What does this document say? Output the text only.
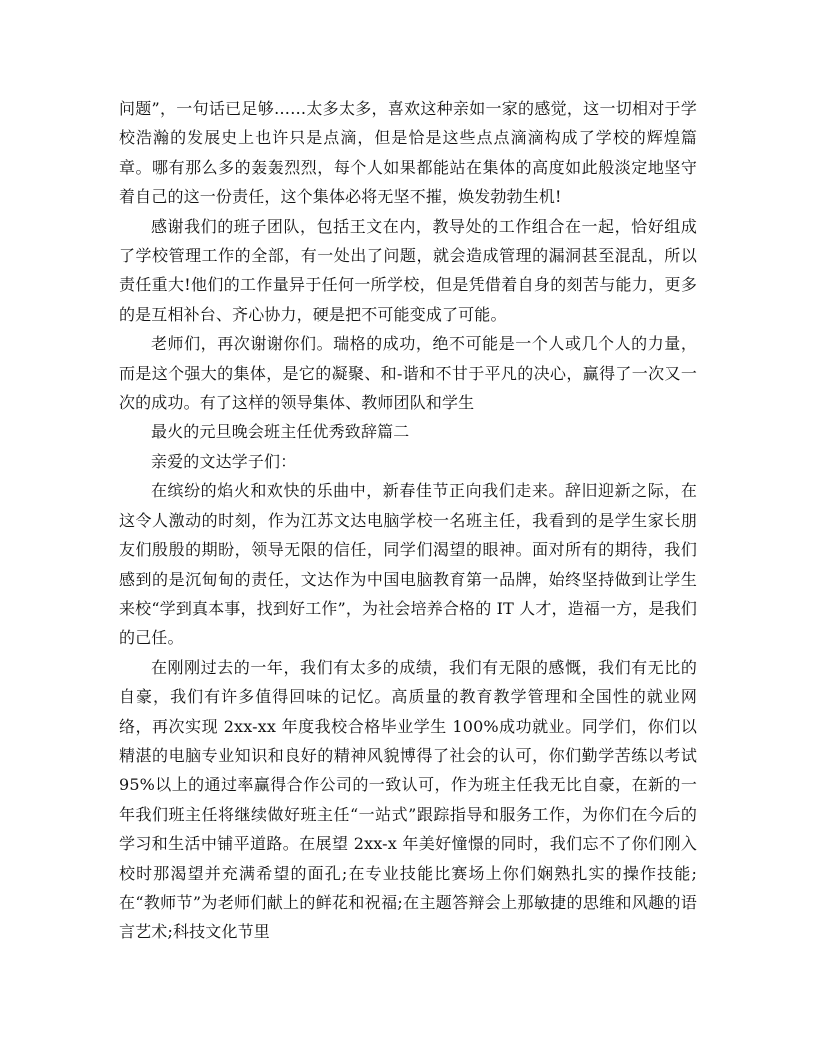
问题”，一句话已足够……太多太多，喜欢这种亲如一家的感觉，这一切相对于学校浩瀚的发展史上也许只是点滴，但是恰是这些点点滴滴构成了学校的辉煌篇章。哪有那么多的轰轰烈烈，每个人如果都能站在集体的高度如此般淡定地坚守着自己的这一份责任，这个集体必将无坚不摧，焕发勃勃生机!

感谢我们的班子团队，包括王文在内，教导处的工作组合在一起，恰好组成了学校管理工作的全部，有一处出了问题，就会造成管理的漏洞甚至混乱，所以责任重大!他们的工作量异于任何一所学校，但是凭借着自身的刻苦与能力，更多的是互相补台、齐心协力，硬是把不可能变成了可能。

老师们，再次谢谢你们。瑞格的成功，绝不可能是一个人或几个人的力量，而是这个强大的集体，是它的凝聚、和-谐和不甘于平凡的决心，赢得了一次又一次的成功。有了这样的领导集体、教师团队和学生

最火的元旦晚会班主任优秀致辞篇二

亲爱的文达学子们：

在缤纷的焰火和欢快的乐曲中，新春佳节正向我们走来。辞旧迎新之际，在这令人激动的时刻，作为江苏文达电脑学校一名班主任，我看到的是学生家长朋友们殷殷的期盼，领导无限的信任，同学们渴望的眼神。面对所有的期待，我们感到的是沉甸甸的责任，文达作为中国电脑教育第一品牌，始终坚持做到让学生来校“学到真本事，找到好工作”，为社会培养合格的 IT 人才，造福一方，是我们的己任。

在刚刚过去的一年，我们有太多的成绩，我们有无限的感慨，我们有无比的自豪，我们有许多值得回味的记忆。高质量的教育教学管理和全国性的就业网络，再次实现 2xx-xx 年度我校合格毕业学生 100%成功就业。同学们，你们以精湛的电脑专业知识和良好的精神风貌博得了社会的认可，你们勤学苦练以考试 95%以上的通过率赢得合作公司的一致认可，作为班主任我无比自豪，在新的一年我们班主任将继续做好班主任“一站式”跟踪指导和服务工作，为你们在今后的学习和生活中铺平道路。在展望 2xx-x 年美好憧憬的同时，我们忘不了你们刚入校时那渴望并充满希望的面孔;在专业技能比赛场上你们娴熟扎实的操作技能;在“教师节”为老师们献上的鲜花和祝福;在主题答辩会上那敏捷的思维和风趣的语言艺术;科技文化节里
